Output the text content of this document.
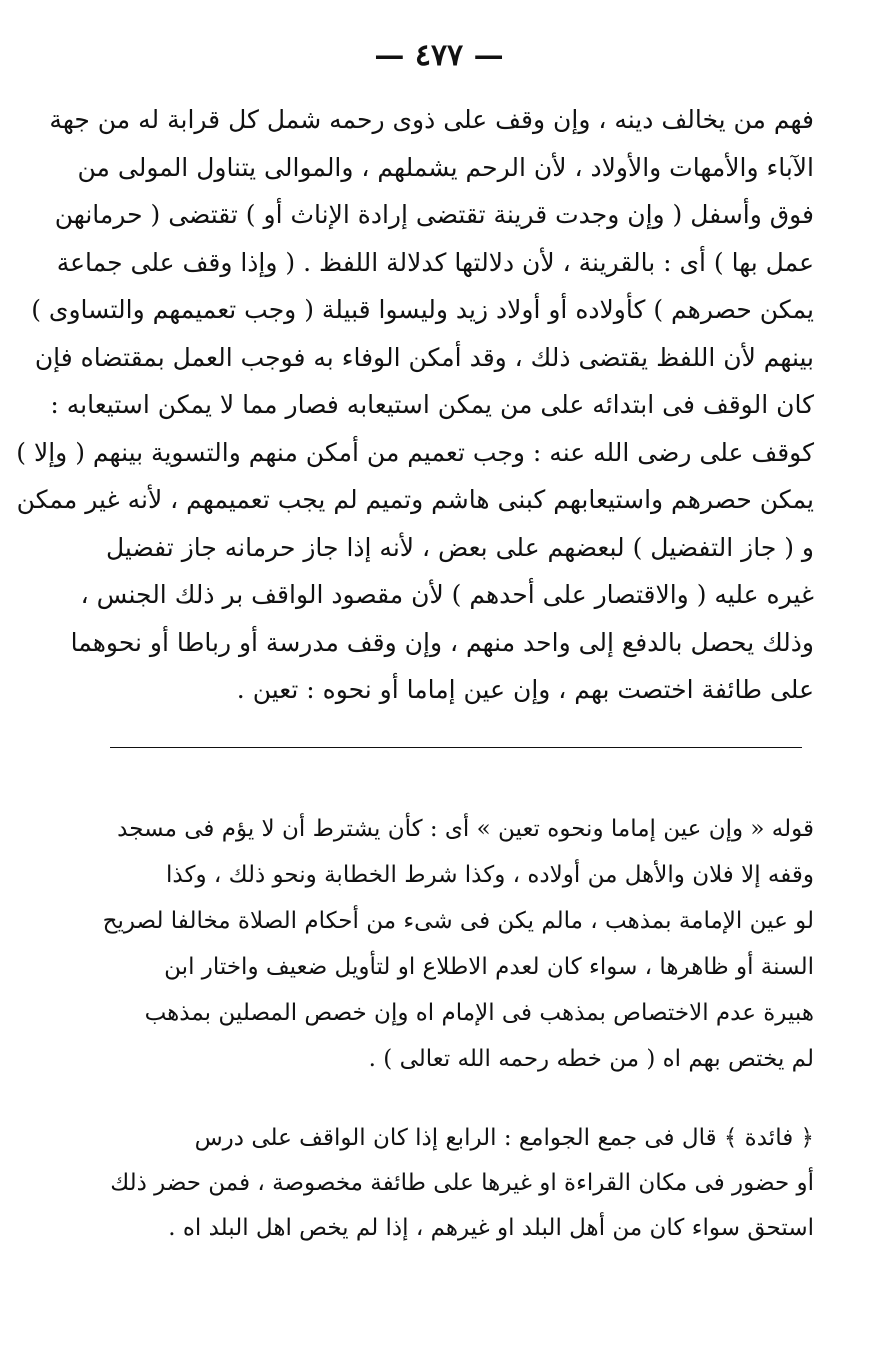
— ٤٧٧ —
فهم من يخالف دينه ، وإن وقف على ذوى رحمه شمل كل قرابة له من جهة
الآباء والأمهات والأولاد ، لأن الرحم يشملهم ، والموالى يتناول المولى من
فوق وأسفل ( وإن وجدت قرينة تقتضى إرادة الإناث أو ) تقتضى ( حرمانهن
عمل بها ) أى : بالقرينة ، لأن دلالتها كدلالة اللفظ . ( وإذا وقف على جماعة
يمكن حصرهم ) كأولاده أو أولاد زيد وليسوا قبيلة ( وجب تعميمهم والتساوى )
بينهم لأن اللفظ يقتضى ذلك ، وقد أمكن الوفاء به فوجب العمل بمقتضاه فإن
كان الوقف فى ابتدائه على من يمكن استيعابه فصار مما لا يمكن استيعابه :
كوقف على رضى الله عنه : وجب تعميم من أمكن منهم والتسوية بينهم ( وإلا )
يمكن حصرهم واستيعابهم كبنى هاشم وتميم لم يجب تعميمهم ، لأنه غير ممكن
و ( جاز التفضيل ) لبعضهم على بعض ، لأنه إذا جاز حرمانه جاز تفضيل
غيره عليه ( والاقتصار على أحدهم ) لأن مقصود الواقف بر ذلك الجنس ،
وذلك يحصل بالدفع إلى واحد منهم ، وإن وقف مدرسة أو رباطا أو نحوهما
على طائفة اختصت بهم ، وإن عين إماما أو نحوه : تعين .
قوله « وإن عين إماما ونحوه تعين » أى : كأن يشترط أن لا يؤم فى مسجد
وقفه إلا فلان والأهل من أولاده ، وكذا شرط الخطابة ونحو ذلك ، وكذا
لو عين الإمامة بمذهب ، مالم يكن فى شىء من أحكام الصلاة مخالفا لصريح
السنة أو ظاهرها ، سواء كان لعدم الاطلاع او لتأويل ضعيف واختار ابن
هبيرة عدم الاختصاص بمذهب فى الإمام اه وإن خصص المصلين بمذهب
لم يختص بهم اه ( من خطه رحمه الله تعالى ) .
﴿ فائدة ﴾ قال فى جمع الجوامع : الرابع إذا كان الواقف على درس
أو حضور فى مكان القراءة او غيرها على طائفة مخصوصة ، فمن حضر ذلك
استحق سواء كان من أهل البلد او غيرهم ، إذا لم يخص اهل البلد اه .
